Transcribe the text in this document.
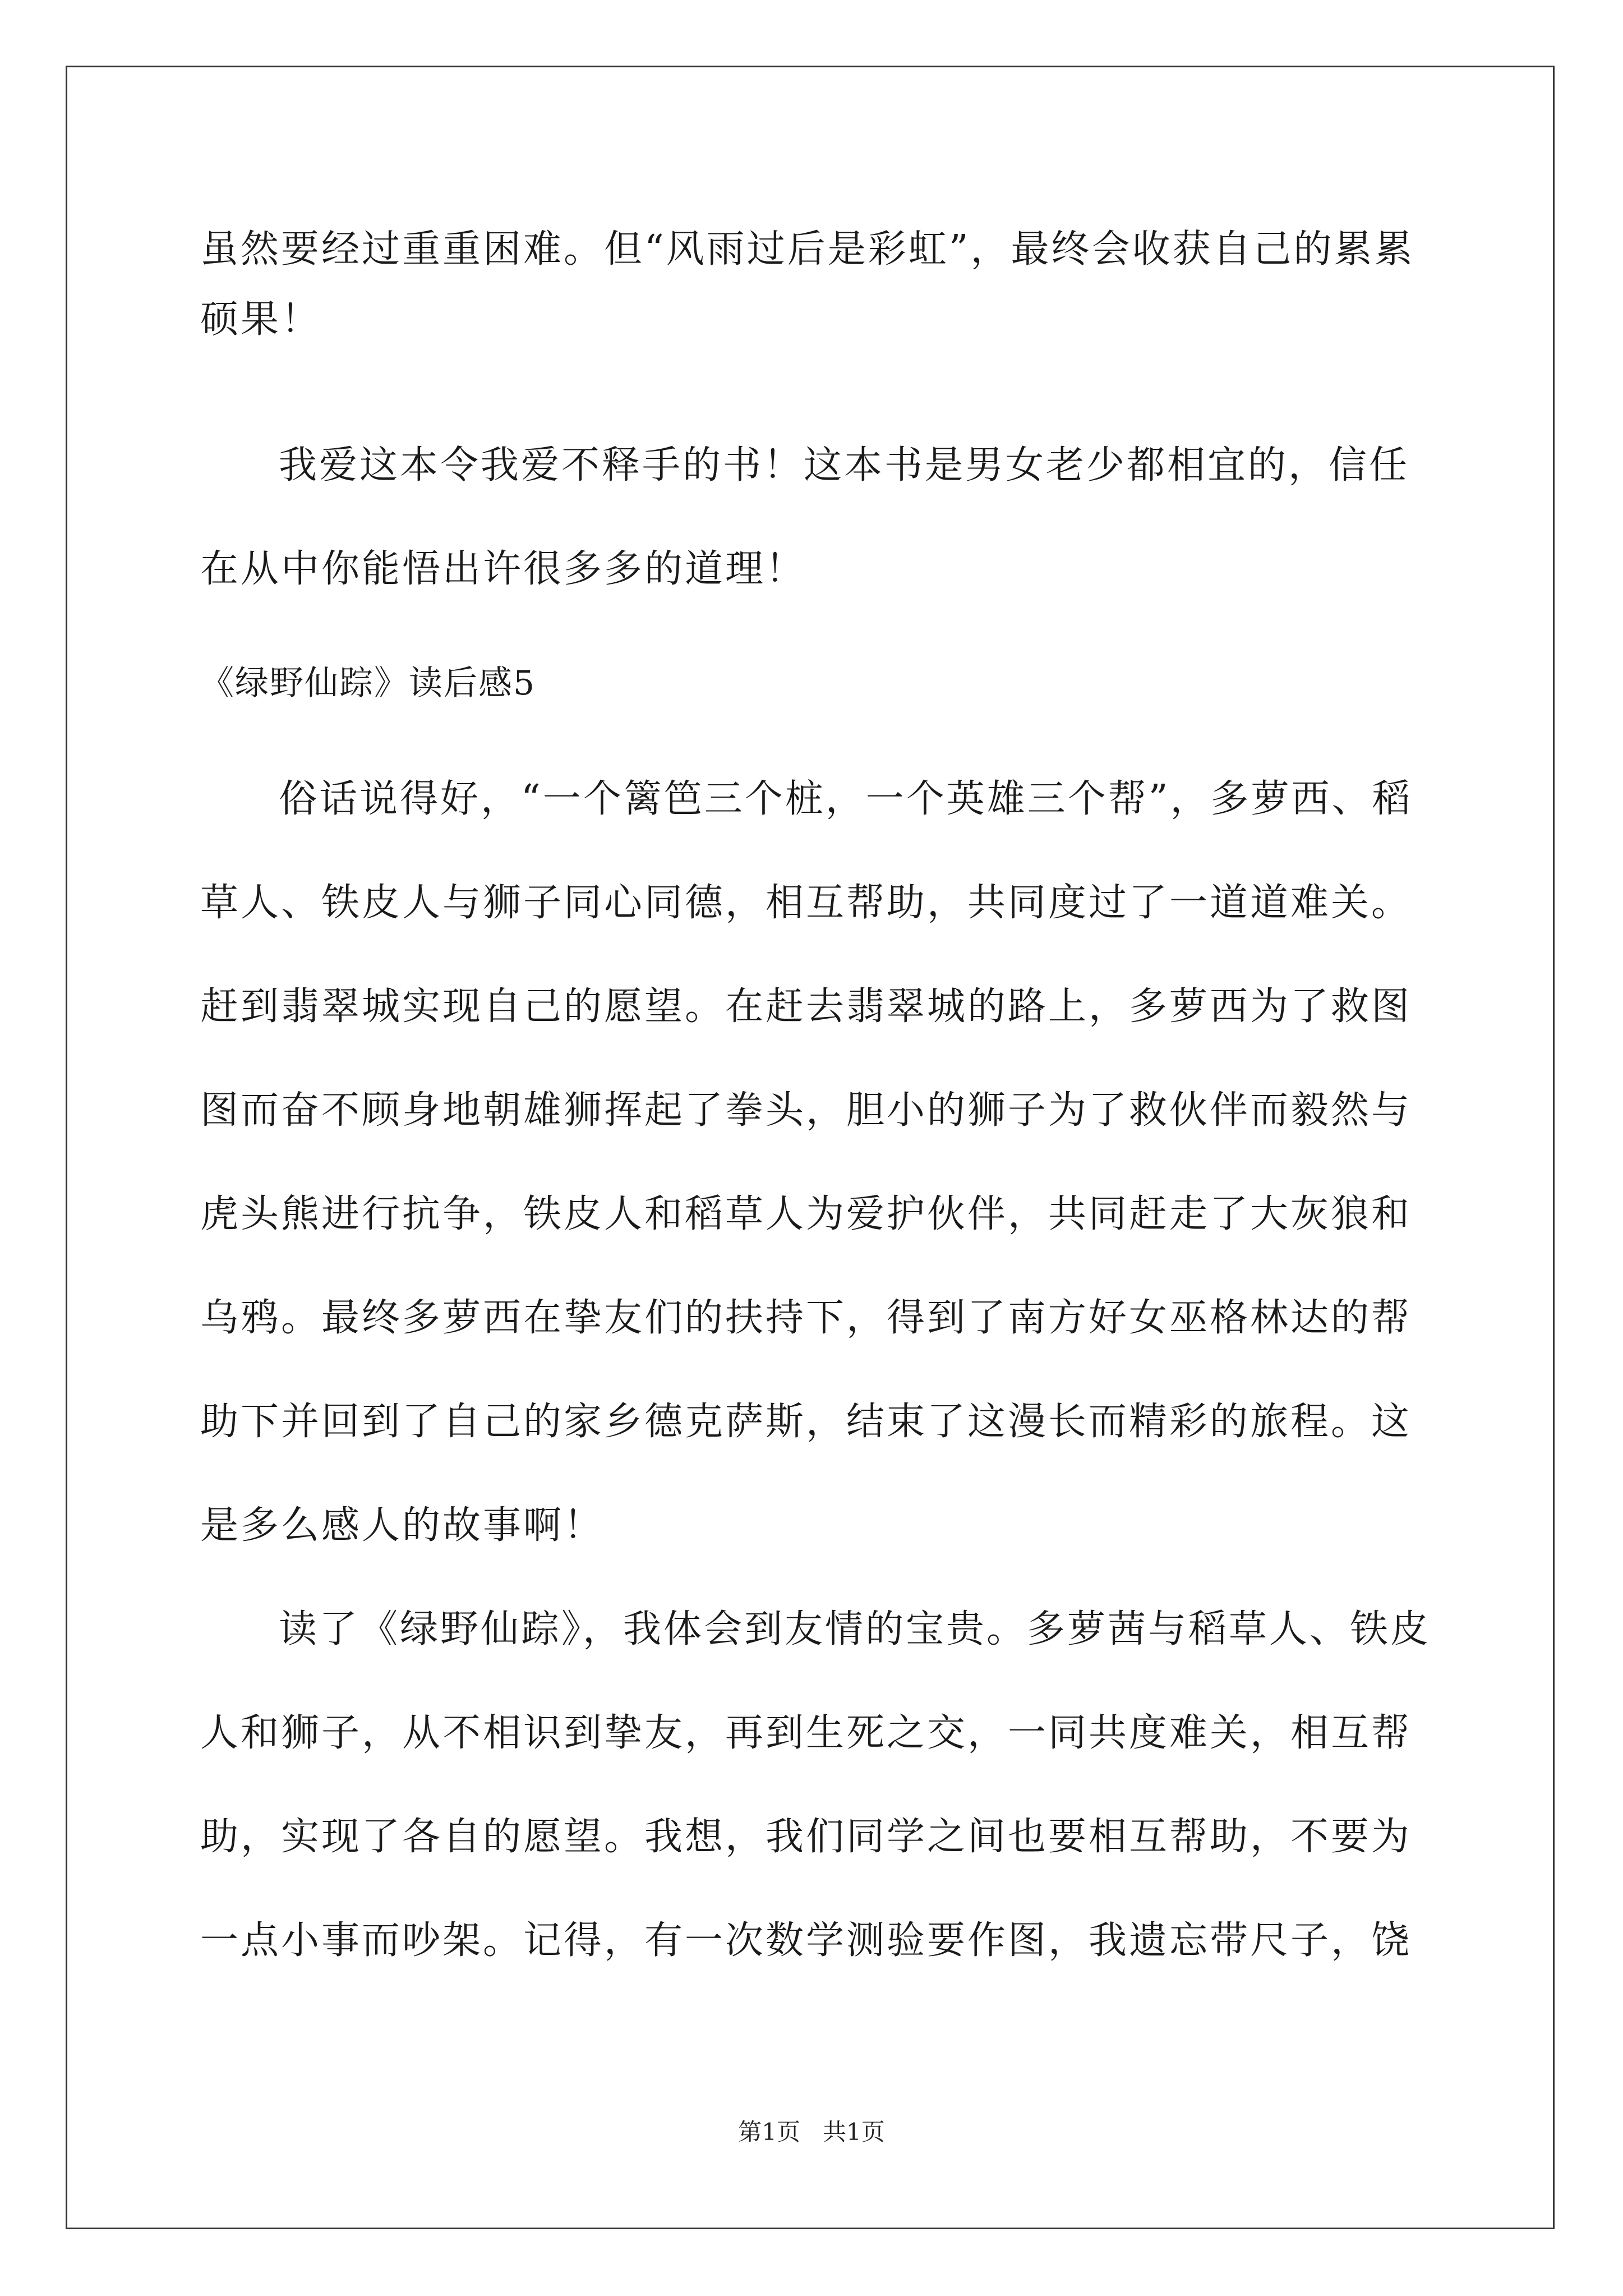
虽然要经过重重困难。但“风雨过后是彩虹”，最终会收获自己的累累
硕果！
我爱这本令我爱不释手的书！这本书是男女老少都相宜的，信任
在从中你能悟出许很多多的道理！
《绿野仙踪》读后感5
俗话说得好，“一个篱笆三个桩，一个英雄三个帮”，多萝西、稻
草人、铁皮人与狮子同心同德，相互帮助，共同度过了一道道难关。
赶到翡翠城实现自己的愿望。在赶去翡翠城的路上，多萝西为了救图
图而奋不顾身地朝雄狮挥起了拳头，胆小的狮子为了救伙伴而毅然与
虎头熊进行抗争，铁皮人和稻草人为爱护伙伴，共同赶走了大灰狼和
乌鸦。最终多萝西在挚友们的扶持下，得到了南方好女巫格林达的帮
助下并回到了自己的家乡德克萨斯，结束了这漫长而精彩的旅程。这
是多么感人的故事啊！
读了《绿野仙踪》，我体会到友情的宝贵。多萝茜与稻草人、铁皮
人和狮子，从不相识到挚友，再到生死之交，一同共度难关，相互帮
助，实现了各自的愿望。我想，我们同学之间也要相互帮助，不要为
一点小事而吵架。记得，有一次数学测验要作图，我遗忘带尺子，饶
第1页 共1页
